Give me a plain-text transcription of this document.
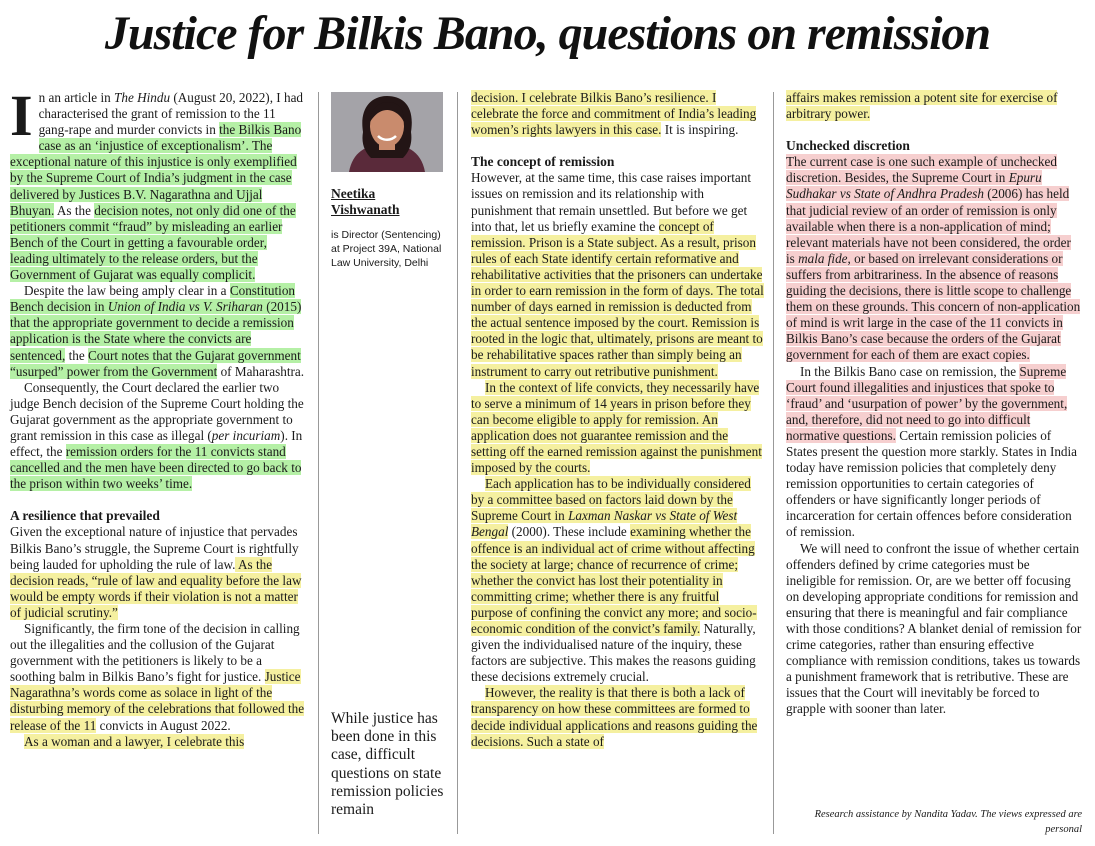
Justice for Bilkis Bano, questions on remission

In an article in The Hindu (August 20, 2022), I had characterised the grant of remission to the 11 gang-rape and murder convicts in the Bilkis Bano case as an ‘injustice of exceptionalism’. The exceptional nature of this injustice is only exemplified by the Supreme Court of India’s judgment in the case delivered by Justices B.V. Nagarathna and Ujjal Bhuyan. As the decision notes, not only did one of the petitioners commit “fraud” by misleading an earlier Bench of the Court in getting a favourable order, leading ultimately to the release orders, but the Government of Gujarat was equally complicit.

Despite the law being amply clear in a Constitution Bench decision in Union of India vs V. Sriharan (2015) that the appropriate government to decide a remission application is the State where the convicts are sentenced, the Court notes that the Gujarat government “usurped” power from the Government of Maharashtra.

Consequently, the Court declared the earlier two judge Bench decision of the Supreme Court holding the Gujarat government as the appropriate government to grant remission in this case as illegal (per incuriam). In effect, the remission orders for the 11 convicts stand cancelled and the men have been directed to go back to the prison within two weeks’ time.

A resilience that prevailed

Given the exceptional nature of injustice that pervades Bilkis Bano’s struggle, the Supreme Court is rightfully being lauded for upholding the rule of law. As the decision reads, “rule of law and equality before the law would be empty words if their violation is not a matter of judicial scrutiny.”

Significantly, the firm tone of the decision in calling out the illegalities and the collusion of the Gujarat government with the petitioners is likely to be a soothing balm in Bilkis Bano’s fight for justice. Justice Nagarathna’s words come as solace in light of the disturbing memory of the celebrations that followed the release of the 11 convicts in August 2022.

As a woman and a lawyer, I celebrate this

Neetika
Vishwanath
is Director (Sentencing) at Project 39A, National Law University, Delhi
While justice has been done in this case, difficult questions on state remission policies remain

decision. I celebrate Bilkis Bano’s resilience. I celebrate the force and commitment of India’s leading women’s rights lawyers in this case. It is inspiring.

The concept of remission

However, at the same time, this case raises important issues on remission and its relationship with punishment that remain unsettled. But before we get into that, let us briefly examine the concept of remission. Prison is a State subject. As a result, prison rules of each State identify certain reformative and rehabilitative activities that the prisoners can undertake in order to earn remission in the form of days. The total number of days earned in remission is deducted from the actual sentence imposed by the court. Remission is rooted in the logic that, ultimately, prisons are meant to be rehabilitative spaces rather than simply being an instrument to carry out retributive punishment.

In the context of life convicts, they necessarily have to serve a minimum of 14 years in prison before they can become eligible to apply for remission. An application does not guarantee remission and the setting off the earned remission against the punishment imposed by the courts.

Each application has to be individually considered by a committee based on factors laid down by the Supreme Court in Laxman Naskar vs State of West Bengal (2000). These include examining whether the offence is an individual act of crime without affecting the society at large; chance of recurrence of crime; whether the convict has lost their potentiality in committing crime; whether there is any fruitful purpose of confining the convict any more; and socio-economic condition of the convict’s family. Naturally, given the individualised nature of the inquiry, these factors are subjective. This makes the reasons guiding these decisions extremely crucial.

However, the reality is that there is both a lack of transparency on how these committees are formed to decide individual applications and reasons guiding the decisions. Such a state of

affairs makes remission a potent site for exercise of arbitrary power.

Unchecked discretion

The current case is one such example of unchecked discretion. Besides, the Supreme Court in Epuru Sudhakar vs State of Andhra Pradesh (2006) has held that judicial review of an order of remission is only available when there is a non-application of mind; relevant materials have not been considered, the order is mala fide, or based on irrelevant considerations or suffers from arbitrariness. In the absence of reasons guiding the decisions, there is little scope to challenge them on these grounds. This concern of non-application of mind is writ large in the case of the 11 convicts in Bilkis Bano’s case because the orders of the Gujarat government for each of them are exact copies.

In the Bilkis Bano case on remission, the Supreme Court found illegalities and injustices that spoke to ‘fraud’ and ‘usurpation of power’ by the government, and, therefore, did not need to go into difficult normative questions. Certain remission policies of States present the question more starkly. States in India today have remission policies that completely deny remission opportunities to certain categories of offenders or have significantly longer periods of incarceration for certain offences before consideration of remission.

We will need to confront the issue of whether certain offenders defined by crime categories must be ineligible for remission. Or, are we better off focusing on developing appropriate conditions for remission and ensuring that there is meaningful and fair compliance with those conditions? A blanket denial of remission for crime categories, rather than ensuring effective compliance with remission conditions, takes us towards a punishment framework that is retributive. These are issues that the Court will inevitably be forced to grapple with sooner than later.

Research assistance by Nandita Yadav. The views expressed are personal
